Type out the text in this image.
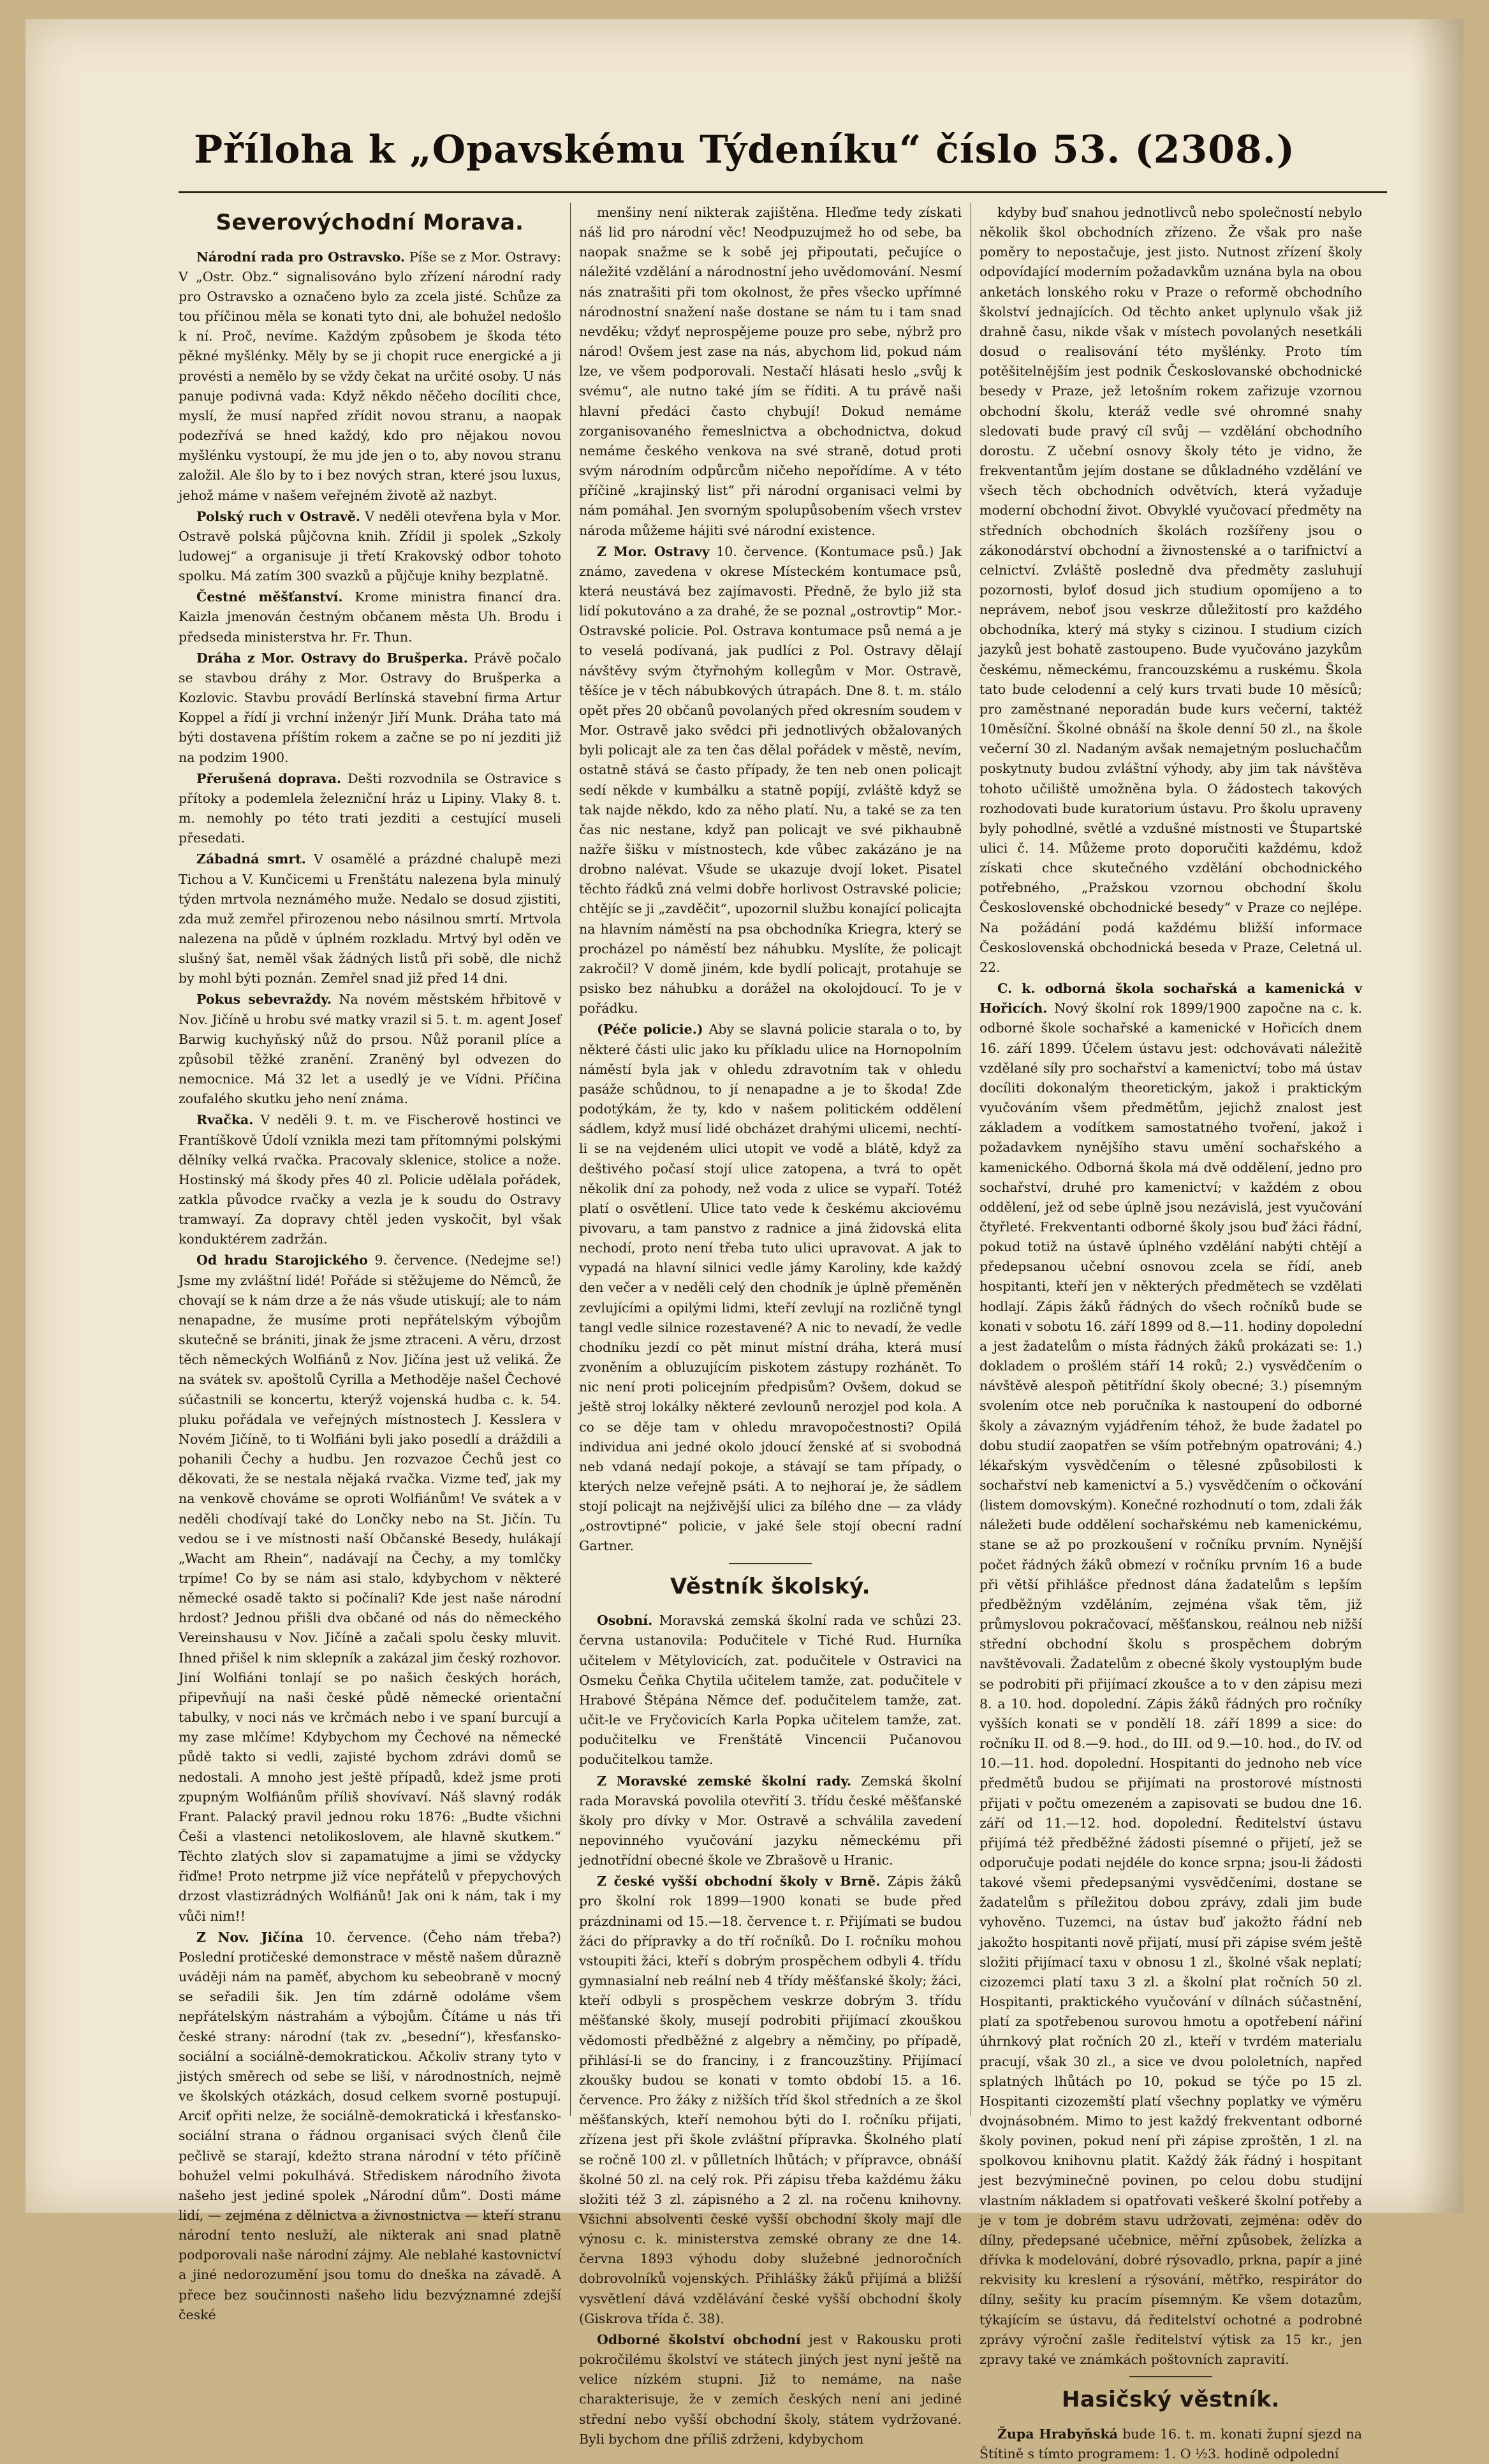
Příloha k „Opavskému Týdeníku“ číslo 53. (2308.)
Severovýchodní Morava.

Národní rada pro Ostravsko. Píše se z Mor. Ostravy: V „Ostr. Obz.“ signalisováno bylo zřízení národní rady pro Ostravsko a označeno bylo za zcela jisté. Schůze za tou příčinou měla se konati tyto dni, ale bohužel nedošlo k ní. Proč, nevíme. Každým způsobem je škoda této pěkné myšlénky. Měly by se ji chopit ruce energické a ji provésti a nemělo by se vždy čekat na určité osoby. U nás panuje podivná vada: Když někdo něčeho docíliti chce, myslí, že musí napřed zřídit novou stranu, a naopak podezřívá se hned každý, kdo pro nějakou novou myšlénku vystoupí, že mu jde jen o to, aby novou stranu založil. Ale šlo by to i bez nových stran, které jsou luxus, jehož máme v našem veřejném životě až nazbyt.

Polský ruch v Ostravě. V neděli otevřena byla v Mor. Ostravě polská půjčovna knih. Zřídil ji spolek „Szkoly ludowej“ a organisuje ji třetí Krakovský odbor tohoto spolku. Má zatím 300 svazků a půjčuje knihy bezplatně.

Čestné měšťanství. Krome ministra financí dra. Kaizla jmenován čestným občanem města Uh. Brodu i předseda ministerstva hr. Fr. Thun.

Dráha z Mor. Ostravy do Brušperka. Právě počalo se stavbou dráhy z Mor. Ostravy do Brušperka a Kozlovic. Stavbu provádí Berlínská stavební firma Artur Koppel a řídí ji vrchní inženýr Jiří Munk. Dráha tato má býti dostavena příštím rokem a začne se po ní jezditi již na podzim 1900.

Přerušená doprava. Dešti rozvodnila se Ostravice s přítoky a podemlela železniční hráz u Lipiny. Vlaky 8. t. m. nemohly po této trati jezditi a cestující museli přesedati.

Zábadná smrt. V osamělé a prázdné chalupě mezi Tichou a V. Kunčicemi u Frenštátu nalezena byla minulý týden mrtvola neznámého muže. Nedalo se dosud zjistiti, zda muž zemřel přirozenou nebo násilnou smrtí. Mrtvola nalezena na půdě v úplném rozkladu. Mrtvý byl oděn ve slušný šat, neměl však žádných listů při sobě, dle nichž by mohl býti poznán. Zemřel snad již před 14 dni.

Pokus sebevraždy. Na novém městském hřbitově v Nov. Jičíně u hrobu své matky vrazil si 5. t. m. agent Josef Barwig kuchyňský nůž do prsou. Nůž poranil plíce a způsobil těžké zranění. Zraněný byl odvezen do nemocnice. Má 32 let a usedlý je ve Vídni. Příčina zoufalého skutku jeho není známa.

Rvačka. V neděli 9. t. m. ve Fischerově hostinci ve Frantíškově Údolí vznikla mezi tam přítomnými polskými dělníky velká rvačka. Pracovaly sklenice, stolice a nože. Hostinský má škody přes 40 zl. Policie udělala pořádek, zatkla původce rvačky a vezla je k soudu do Ostravy tramwayí. Za dopravy chtěl jeden vyskočit, byl však konduktérem zadržán.

Od hradu Starojického 9. července. (Nedejme se!) Jsme my zvláštní lidé! Pořáde si stěžujeme do Němců, že chovají se k nám drze a že nás všude utiskují; ale to nám nenapadne, že musíme proti nepřátelským výbojům skutečně se brániti, jinak že jsme ztraceni. A věru, drzost těch německých Wolfiánů z Nov. Jičína jest už veliká. Že na svátek sv. apoštolů Cyrilla a Methoděje našel Čechové súčastnili se koncertu, kterýž vojenská hudba c. k. 54. pluku pořádala ve veřejných místnostech J. Kesslera v Novém Jičíně, to ti Wolfiáni byli jako posedlí a dráždili a pohanili Čechy a hudbu. Jen rozvazoe Čechů jest co děkovati, že se nestala nějaká rvačka. Vizme teď, jak my na venkově chováme se oproti Wolfiánům! Ve svátek a v neděli chodívají také do Lončky nebo na St. Jičín. Tu vedou se i ve místnosti naší Občanské Besedy, hulákají „Wacht am Rhein“, nadávají na Čechy, a my tomlčky trpíme! Co by se nám asi stalo, kdybychom v některé německé osadě takto si počínali? Kde jest naše národní hrdost? Jednou přišli dva občané od nás do německého Vereinshausu v Nov. Jičíně a začali spolu česky mluvit. Ihned přišel k nim sklepník a zakázal jim český rozhovor. Jiní Wolfiáni tonlají se po našich českých horách, připevňují na naši české půdě německé orientační tabulky, v noci nás ve krčmách nebo i ve spaní burcují a my zase mlčíme! Kdybychom my Čechové na německé půdě takto si vedli, zajisté bychom zdrávi domů se nedostali. A mnoho jest ještě případů, kdež jsme proti zpupným Wolfiánům příliš shovívaví. Náš slavný rodák Frant. Palacký pravil jednou roku 1876: „Budte všichni Češi a vlastenci netolikoslovem, ale hlavně skutkem.“ Těchto zlatých slov si zapamatujme a jimi se vždycky řiďme! Proto netrpme již více nepřátelů v přepychových drzost vlastizrádných Wolfiánů! Jak oni k nám, tak i my vůči nim!!

Z Nov. Jičína 10. července. (Čeho nám třeba?) Poslední protičeské demonstrace v městě našem důrazně uváději nám na paměť, abychom ku sebeobraně v mocný se seřadili šik. Jen tím zdárně odoláme všem nepřátelským nástrahám a výbojům. Čítáme u nás tři české strany: národní (tak zv. „besední“), křesťansko-sociální a sociálně-demokratickou. Ačkoliv strany tyto v jistých směrech od sebe se liší, v národnostních, nejmě ve školských otázkách, dosud celkem svorně postupují. Arciť opřiti nelze, že sociálně-demokratická i křesťansko-sociální strana o řádnou organisaci svých členů čile pečlivě se starají, kdežto strana národní v této příčině bohužel velmi pokulhává. Střediskem národního života našeho jest jediné spolek „Národní dům“. Dosti máme lidí, — zejména z dělnictva a živnostnictva — kteří stranu národní tento nesluží, ale nikterak ani snad platně podporovali naše národní zájmy. Ale neblahé kastovnictví a jiné nedorozumění jsou tomu do dneška na závadě. A přece bez součinnosti našeho lidu bezvýznamné zdejší české

menšiny není nikterak zajištěna. Hleďme tedy získati náš lid pro národní věc! Neodpuzujmež ho od sebe, ba naopak snažme se k sobě jej připoutati, pečujíce o náležité vzdělání a národnostní jeho uvědomování. Nesmí nás znatrašiti při tom okolnost, že přes všecko upřímné národnostní snažení naše dostane se nám tu i tam snad nevděku; vždyť neprospějeme pouze pro sebe, nýbrž pro národ! Ovšem jest zase na nás, abychom lid, pokud nám lze, ve všem podporovali. Nestačí hlásati heslo „svůj k svému“, ale nutno také jím se říditi. A tu právě naši hlavní předáci často chybují! Dokud nemáme zorganisovaného řemeslnictva a obchodnictva, dokud nemáme českého venkova na své straně, dotud proti svým národním odpůrcům ničeho nepořídíme. A v této příčině „krajinský list“ při národní organisaci velmi by nám pomáhal. Jen svorným spolupůsobením všech vrstev národa můžeme hájiti své národní existence.

Z Mor. Ostravy 10. července. (Kontumace psů.) Jak známo, zavedena v okrese Místeckém kontumace psů, která neustává bez zajímavosti. Předně, že bylo již sta lidí pokutováno a za drahé, že se poznal „ostrovtip“ Mor.-Ostravské policie. Pol. Ostrava kontumace psů nemá a je to veselá podívaná, jak pudlíci z Pol. Ostravy dělají návštěvy svým čtyřnohým kollegům v Mor. Ostravě, těšíce je v těch nábubkových útrapách. Dne 8. t. m. stálo opět přes 20 občanů povolaných před okresním soudem v Mor. Ostravě jako svědci při jednotlivých obžalovaných byli policajt ale za ten čas dělal pořádek v městě, nevím, ostatně stává se často případy, že ten neb onen policajt sedí někde v kumbálku a statně popíjí, zvláště když se tak najde někdo, kdo za něho platí. Nu, a také se za ten čas nic nestane, když pan policajt ve své pikhaubně nažře šišku v místnostech, kde vůbec zakázáno je na drobno nalévat. Všude se ukazuje dvojí loket. Pisatel těchto řádků zná velmi dobře horlivost Ostravské policie; chtějíc se ji „zavděčit“, upozornil službu konající policajta na hlavním náměstí na psa obchodníka Kriegra, který se procházel po náměstí bez náhubku. Myslíte, že policajt zakročil? V domě jiném, kde bydlí policajt, protahuje se psisko bez náhubku a dorážel na okolojdoucí. To je v pořádku.

(Péče policie.) Aby se slavná policie starala o to, by některé části ulic jako ku příkladu ulice na Hornopolním náměstí byla jak v ohledu zdravotním tak v ohledu pasáže schůdnou, to jí nenapadne a je to škoda! Zde podotýkám, že ty, kdo v našem politickém oddělení sádlem, když musí lidé obcházet drahými ulicemi, nechtí-li se na vejdeném ulici utopit ve vodě a blátě, když za deštivého počasí stojí ulice zatopena, a tvrá to opět několik dní za pohody, než voda z ulice se vypaří. Totéž platí o osvětlení. Ulice tato vede k českému akciovému pivovaru, a tam panstvo z radnice a jiná židovská elita nechodí, proto není třeba tuto ulici upravovat. A jak to vypadá na hlavní silnici vedle jámy Karoliny, kde každý den večer a v neděli celý den chodník je úplně přeměněn zevlujícími a opilými lidmi, kteří zevlují na rozličně tyngl tangl vedle silnice rozestavené? A nic to nevadí, že vedle chodníku jezdí co pět minut místní dráha, která musí zvoněním a obluzujícím piskotem zástupy rozhánět. To nic není proti policejním předpisům? Ovšem, dokud se ještě stroj lokálky některé zevlounů nerozjel pod kola. A co se děje tam v ohledu mravopočestnosti? Opilá individua ani jedné okolo jdoucí ženské ať si svobodná neb vdaná nedají pokoje, a stávají se tam případy, o kterých nelze veřejně psáti. A to nejhoraí je, že sádlem stojí policajt na nejživější ulici za bílého dne — za vlády „ostrovtipné“ policie, v jaké šele stojí obecní radní Gartner.

Věstník školský.

Osobní. Moravská zemská školní rada ve schůzi 23. června ustanovila: Podučitele v Tiché Rud. Hurníka učitelem v Mětylovicích, zat. podučitele v Ostravici na Osmeku Čeňka Chytila učitelem tamže, zat. podučitele v Hrabové Štěpána Němce def. podučitelem tamže, zat. učit-le ve Fryčovicích Karla Popka učitelem tamže, zat. podučitelku ve Frenštátě Vincencii Pučanovou podučitelkou tamže.

Z Moravské zemské školní rady. Zemská školní rada Moravská povolila otevřití 3. třídu české měšťanské školy pro dívky v Mor. Ostravě a schválila zavedení nepovinného vyučování jazyku německému při jednotřídní obecné škole ve Zbrašově u Hranic.

Z české vyšší obchodní školy v Brně. Zápis žáků pro školní rok 1899—1900 konati se bude před prázdninami od 15.—18. července t. r. Přijímati se budou žáci do přípravky a do tří ročníků. Do I. ročníku mohou vstoupiti žáci, kteří s dobrým prospěchem odbyli 4. třídu gymnasialní neb reální neb 4 třídy měšťanské školy; žáci, kteří odbyli s prospěchem veskrze dobrým 3. třídu měšťanské školy, musejí podrobiti přijímací zkouškou vědomosti předběžné z algebry a němčiny, po případě, přihlásí-li se do franciny, i z francouzštiny. Přijímací zkoušky budou se konati v tomto období 15. a 16. července. Pro žáky z nižších tříd škol středních a ze škol měšťanských, kteří nemohou býti do I. ročníku přijati, zřízena jest při škole zvláštní přípravka. Školného platí se ročně 100 zl. v půlletních lhůtách; v přípravce, obnáší školné 50 zl. na celý rok. Při zápisu třeba každému žáku složiti též 3 zl. zápisného a 2 zl. na ročenu knihovny. Všichni absolventi české vyšší obchodní školy mají dle výnosu c. k. ministerstva zemské obrany ze dne 14. června 1893 výhodu doby služebné jednoročních dobrovolníků vojenských. Přihlášky žáků přijímá a bližší vysvětlení dává vzdělávání české vyšší obchodní školy (Giskrova třída č. 38).

Odborné školství obchodní jest v Rakousku proti pokročilému školství ve státech jiných jest nyní ještě na velice nízkém stupni. Již to nemáme, na naše charakterisuje, že v zemích českých není ani jediné střední nebo vyšší obchodní školy, státem vydržované. Byli bychom dne příliš zdrženi, kdybychom

kdyby buď snahou jednotlivců nebo společností nebylo několik škol obchodních zřízeno. Že však pro naše poměry to nepostačuje, jest jisto. Nutnost zřízení školy odpovídající moderním požadavkům uznána byla na obou anketách lonského roku v Praze o reformě obchodního školství jednajících. Od těchto anket uplynulo však již drahně času, nikde však v místech povolaných nesetkáli dosud o realisování této myšlénky. Proto tím potěšitelnějším jest podnik Českoslovanské obchodnické besedy v Praze, jež letošním rokem zařizuje vzornou obchodní školu, kteráž vedle své ohromné snahy sledovati bude pravý cíl svůj — vzdělání obchodního dorostu. Z učební osnovy školy této je vidno, že frekventantům jejím dostane se důkladného vzdělání ve všech těch obchodních odvětvích, která vyžaduje moderní obchodní život. Obvyklé vyučovací předměty na středních obchodních školách rozšířeny jsou o zákonodárství obchodní a živnostenské a o tarifnictví a celnictví. Zvláště posledně dva předměty zasluhují pozornosti, byloť dosud jich studium opomíjeno a to neprávem, neboť jsou veskrze důležitostí pro každého obchodníka, který má styky s cizinou. I studium cizích jazyků jest bohatě zastoupeno. Bude vyučováno jazykům českému, německému, francouzskému a ruskému. Škola tato bude celodenní a celý kurs trvati bude 10 měsíců; pro zaměstnané neporadán bude kurs večerní, taktéž 10měsíční. Školné obnáší na škole denní 50 zl., na škole večerní 30 zl. Nadaným avšak nemajetným posluchačům poskytnuty budou zvláštní výhody, aby jim tak návštěva tohoto učiliště umožněna byla. O žádostech takových rozhodovati bude kuratorium ústavu. Pro školu upraveny byly pohodlné, světlé a vzdušné místnosti ve Štupartské ulici č. 14. Můžeme proto doporučiti každému, kdož získati chce skutečného vzdělání obchodnického potřebného, „Pražskou vzornou obchodní školu Československé obchodnické besedy“ v Praze co nejlépe. Na požádání podá každému bližší informace Československá obchodnická beseda v Praze, Celetná ul. 22.

C. k. odborná škola sochařská a kamenická v Hořicích. Nový školní rok 1899/1900 započne na c. k. odborné škole sochařské a kamenické v Hořicích dnem 16. září 1899. Účelem ústavu jest: odchovávati náležitě vzdělané síly pro sochařství a kamenictví; tobo má ústav docíliti dokonalým theoretickým, jakož i praktickým vyučováním všem předmětům, jejichž znalost jest základem a vodítkem samostatného tvoření, jakož i požadavkem nynějšího stavu umění sochařského a kamenického. Odborná škola má dvě oddělení, jedno pro sochařství, druhé pro kamenictví; v každém z obou oddělení, jež od sebe úplně jsou nezávislá, jest vyučování čtyřleté. Frekventanti odborné školy jsou buď žáci řádní, pokud totiž na ústavě úplného vzdělání nabýti chtějí a předepsanou učební osnovou zcela se řídí, aneb hospitanti, kteří jen v některých předmětech se vzdělati hodlají. Zápis žáků řádných do všech ročníků bude se konati v sobotu 16. září 1899 od 8.—11. hodiny dopolední a jest žadatelům o místa řádných žáků prokázati se: 1.) dokladem o prošlém stáří 14 roků; 2.) vysvědčením o návštěvě alespoň pětitřídní školy obecné; 3.) písemným svolením otce neb poručníka k nastoupení do odborné školy a závazným vyjádřením téhož, že bude žadatel po dobu studií zaopatřen se vším potřebným opatrováni; 4.) lékařským vysvědčením o tělesné způsobilosti k sochařství neb kamenictví a 5.) vysvědčením o očkování (listem domovským). Konečné rozhodnutí o tom, zdali žák náležeti bude oddělení sochařskému neb kamenickému, stane se až po prozkoušení v ročníku prvním. Nynější počet řádných žáků obmezí v ročníku prvním 16 a bude při větší přihlášce přednost dána žadatelům s lepším předběžným vzděláním, zejména však těm, již průmyslovou pokračovací, měšťanskou, reálnou neb nižší střední obchodní školu s prospěchem dobrým navštěvovali. Žadatelům z obecné školy vystouplým bude se podrobiti při přijímací zkoušce a to v den zápisu mezi 8. a 10. hod. dopolední. Zápis žáků řádných pro ročníky vyšších konati se v pondělí 18. září 1899 a sice: do ročníku II. od 8.—9. hod., do III. od 9.—10. hod., do IV. od 10.—11. hod. dopolední. Hospitanti do jednoho neb více předmětů budou se přijímati na prostorové místnosti přijati v počtu omezeném a zapisovati se budou dne 16. září od 11.—12. hod. dopolední. Ředitelství ústavu přijímá též předběžné žádosti písemné o přijetí, jež se odporučuje podati nejdéle do konce srpna; jsou-li žádosti takové všemi předepsanými vysvědčeními, dostane se žadatelům s příležitou dobou zprávy, zdali jim bude vyhověno. Tuzemci, na ústav buď jakožto řádní neb jakožto hospitanti nově přijatí, musí při zápise svém ještě složiti přijímací taxu v obnosu 1 zl., školné však neplatí; cizozemci platí taxu 3 zl. a školní plat ročních 50 zl. Hospitanti, praktického vyučování v dílnách súčastnění, platí za spotřebenou surovou hmotu a opotřebení nářiní úhrnkový plat ročních 20 zl., kteří v tvrdém materialu pracují, však 30 zl., a sice ve dvou pololetních, napřed splatných lhůtách po 10, pokud se týče po 15 zl. Hospitanti cizozemští platí všechny poplatky ve výměru dvojnásobném. Mimo to jest každý frekventant odborné školy povinen, pokud není při zápise zproštěn, 1 zl. na spolkovou knihovnu platit. Každý žák řádný i hospitant jest bezvýminečně povinen, po celou dobu studijní vlastním nákladem si opatřovati veškeré školní potřeby a je v tom je dobrém stavu udržovati, zejména: oděv do dílny, předepsané učebnice, měřní způsobek, želízka a dřívka k modelování, dobré rýsovadlo, prkna, papír a jiné rekvisity ku kreslení a rýsování, mětřko, respirátor do dílny, sešity ku pracím písemným. Ke všem dotazům, týkajícím se ústavu, dá ředitelství ochotné a podrobné zprávy výroční zašle ředitelství výtisk za 15 kr., jen zpravy také ve známkách poštovních zapravití.

Hasičský věstník.

Župa Hrabyňská bude 16. t. m. konati župní sjezd na Štítině s tímto programem: 1. O ½3. hodině odpolední
